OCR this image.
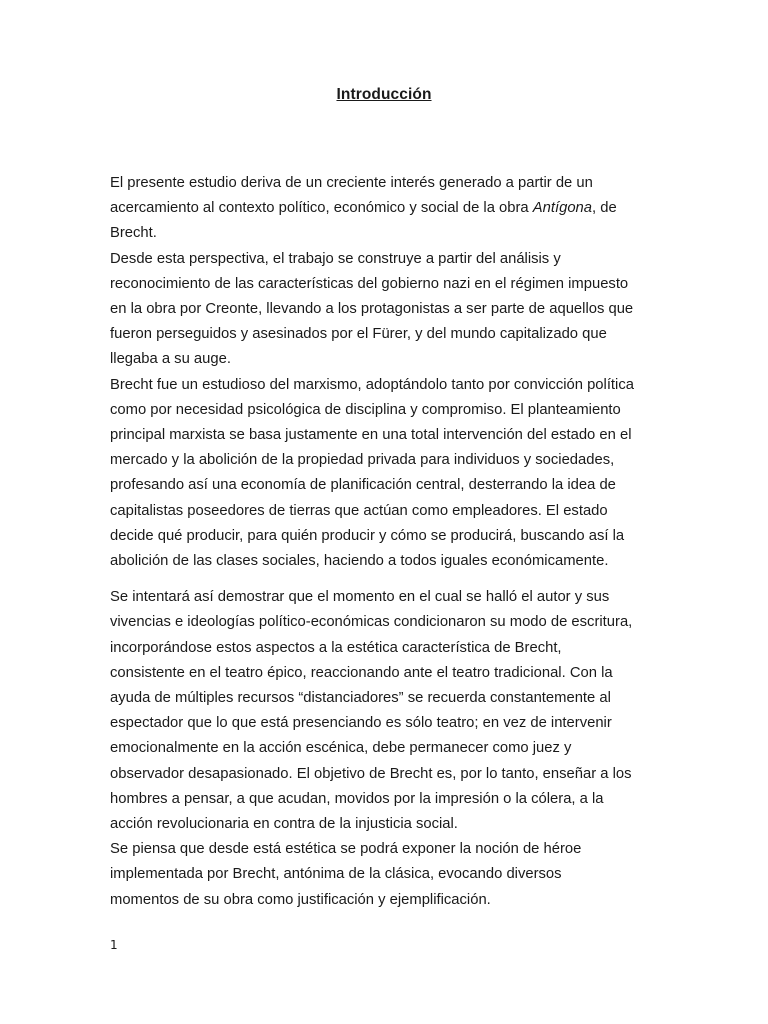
Introducción

El presente estudio deriva de un creciente interés generado a partir de un
acercamiento al contexto político, económico y social de la obra Antígona, de
Brecht.

Desde esta perspectiva, el trabajo se construye a partir del análisis y
reconocimiento de las características del gobierno nazi en el régimen impuesto
en la obra por Creonte, llevando a los protagonistas a ser parte de aquellos que
fueron perseguidos y asesinados por el Fürer, y del mundo capitalizado que
llegaba a su auge.

Brecht fue un estudioso del marxismo, adoptándolo tanto por convicción política
como por necesidad psicológica de disciplina y compromiso. El planteamiento
principal marxista se basa justamente en una total intervención del estado en el
mercado y la abolición de la propiedad privada para individuos y sociedades,
profesando así una economía de planificación central, desterrando la idea de
capitalistas poseedores de tierras que actúan como empleadores. El estado
decide qué producir, para quién producir y cómo se producirá, buscando así la
abolición de las clases sociales, haciendo a todos iguales económicamente.

Se intentará así demostrar que el momento en el cual se halló el autor y sus
vivencias e ideologías político-económicas condicionaron su modo de escritura,
incorporándose estos aspectos a la estética característica de Brecht,
consistente en el teatro épico, reaccionando ante el teatro tradicional. Con la
ayuda de múltiples recursos “distanciadores” se recuerda constantemente al
espectador que lo que está presenciando es sólo teatro; en vez de intervenir
emocionalmente en la acción escénica, debe permanecer como juez y
observador desapasionado. El objetivo de Brecht es, por lo tanto, enseñar a los
hombres a pensar, a que acudan, movidos por la impresión o la cólera, a la
acción revolucionaria en contra de la injusticia social.

Se piensa que desde está estética se podrá exponer la noción de héroe
implementada por Brecht, antónima de la clásica, evocando diversos
momentos de su obra como justificación y ejemplificación.

1
